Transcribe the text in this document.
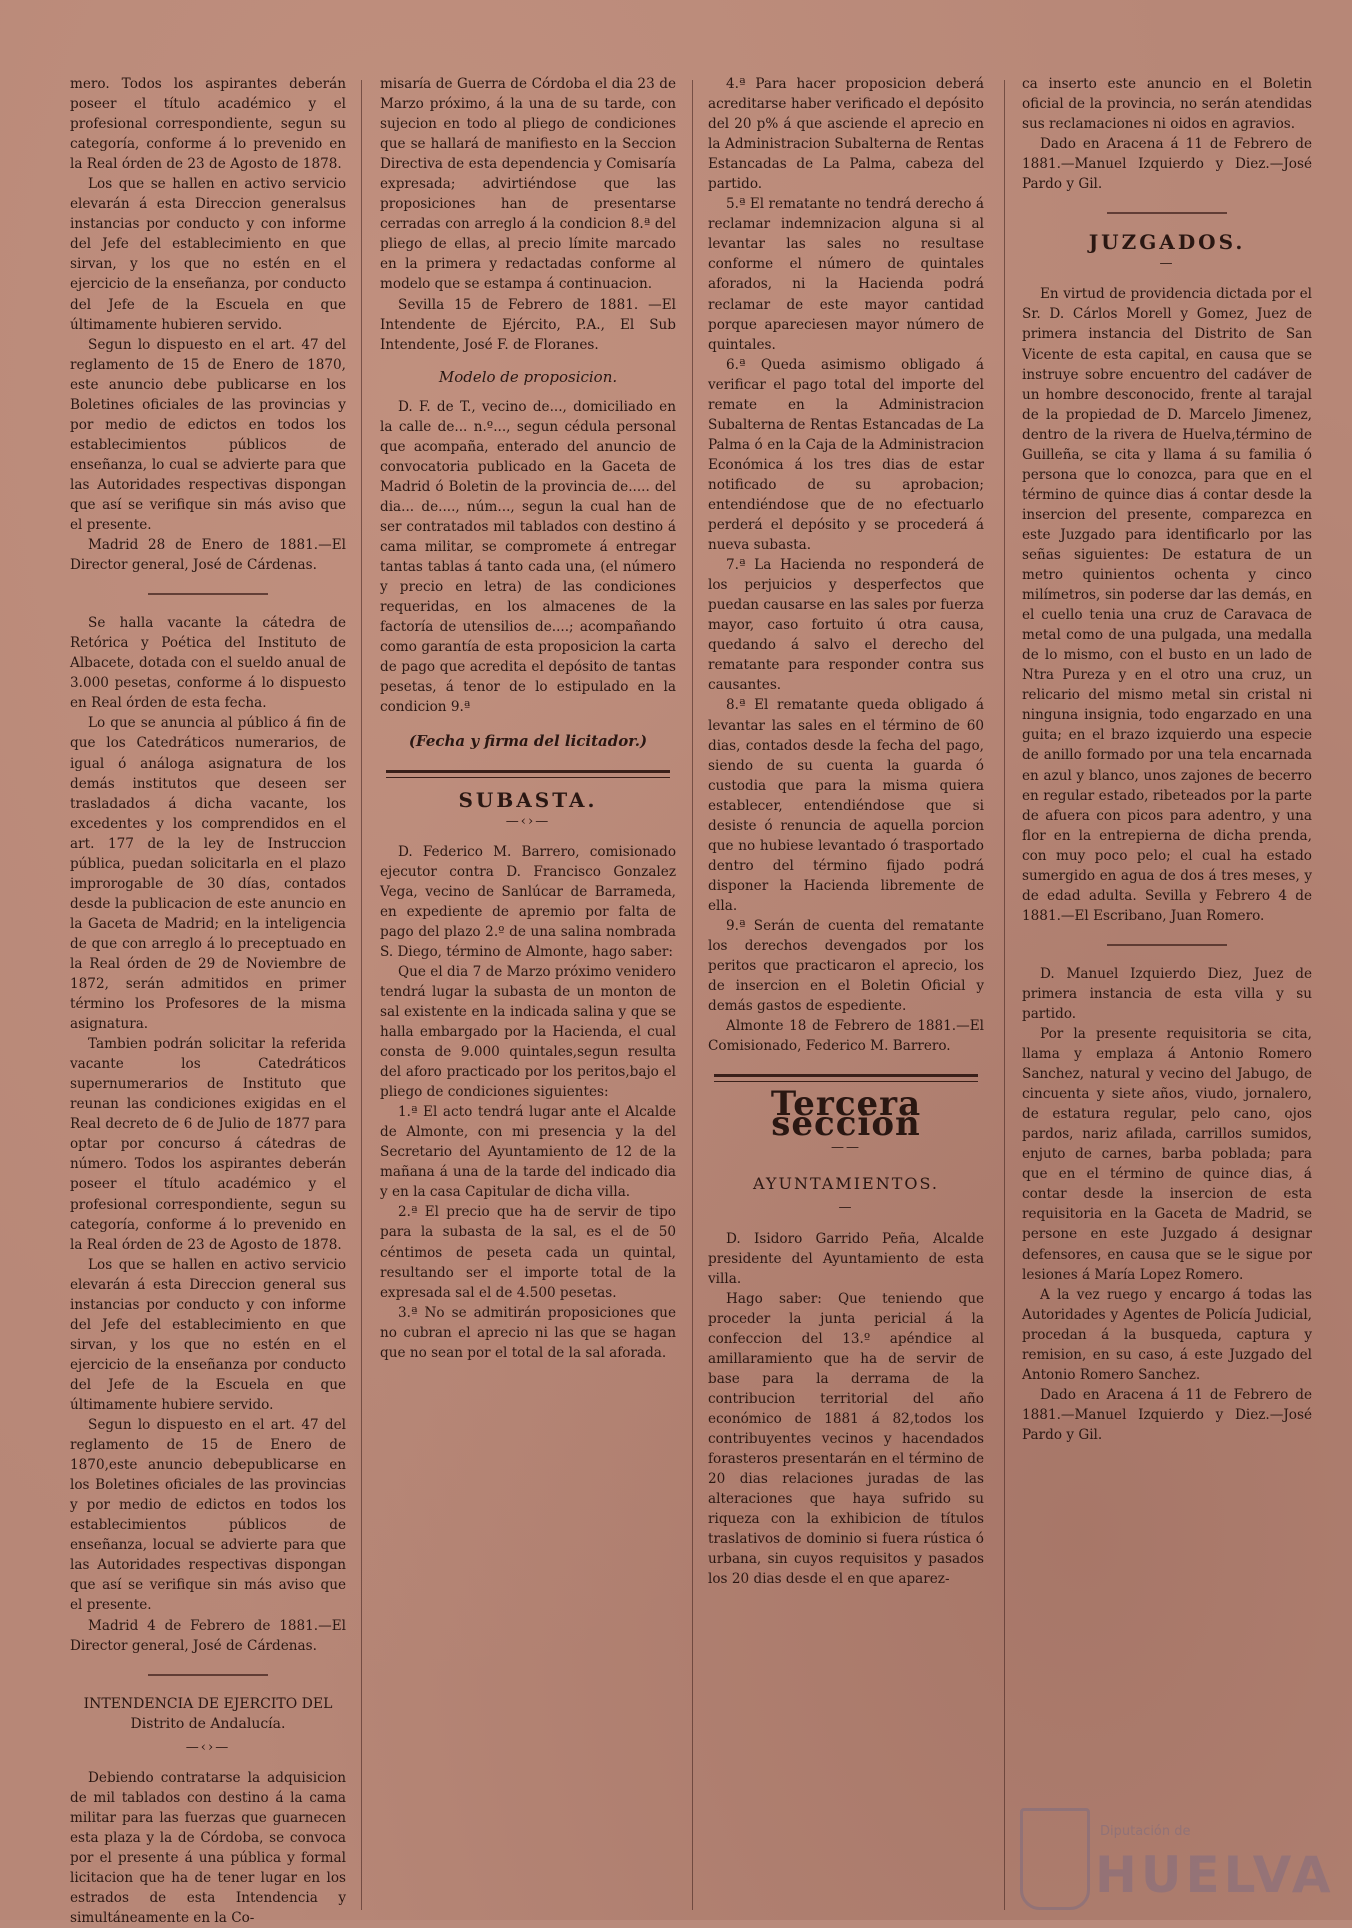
mero. Todos los aspirantes deberán poseer el título académico y el profesional correspondiente, segun su categoría, conforme á lo prevenido en la Real órden de 23 de Agosto de 1878.

Los que se hallen en activo servicio elevarán á esta Direccion generalsus instancias por conducto y con informe del Jefe del establecimiento en que sirvan, y los que no estén en el ejercicio de la enseñanza, por conducto del Jefe de la Escuela en que últimamente hubieren servido.

Segun lo dispuesto en el art. 47 del reglamento de 15 de Enero de 1870, este anuncio debe publicarse en los Boletines oficiales de las provincias y por medio de edictos en todos los establecimientos públicos de enseñanza, lo cual se advierte para que las Autoridades respectivas dispongan que así se verifique sin más aviso que el presente.

Madrid 28 de Enero de 1881.—El Director general, José de Cárdenas.

Se halla vacante la cátedra de Retórica y Poética del Instituto de Albacete, dotada con el sueldo anual de 3.000 pesetas, conforme á lo dispuesto en Real órden de esta fecha.

Lo que se anuncia al público á fin de que los Catedráticos numerarios, de igual ó análoga asignatura de los demás institutos que deseen ser trasladados á dicha vacante, los excedentes y los comprendidos en el art. 177 de la ley de Instruccion pública, puedan solicitarla en el plazo improrogable de 30 días, contados desde la publicacion de este anuncio en la Gaceta de Madrid; en la inteligencia de que con arreglo á lo preceptuado en la Real órden de 29 de Noviembre de 1872, serán admitidos en primer término los Profesores de la misma asignatura.

Tambien podrán solicitar la referida vacante los Catedráticos supernumerarios de Instituto que reunan las condiciones exigidas en el Real decreto de 6 de Julio de 1877 para optar por concurso á cátedras de número. Todos los aspirantes deberán poseer el título académico y el profesional correspondiente, segun su categoría, conforme á lo prevenido en la Real órden de 23 de Agosto de 1878.

Los que se hallen en activo servicio elevarán á esta Direccion general sus instancias por conducto y con informe del Jefe del establecimiento en que sirvan, y los que no estén en el ejercicio de la enseñanza por conducto del Jefe de la Escuela en que últimamente hubiere servido.

Segun lo dispuesto en el art. 47 del reglamento de 15 de Enero de 1870,este anuncio debepublicarse en los Boletines oficiales de las provincias y por medio de edictos en todos los establecimientos públicos de enseñanza, locual se advierte para que las Autoridades respectivas dispongan que así se verifique sin más aviso que el presente.

Madrid 4 de Febrero de 1881.—El Director general, José de Cárdenas.

INTENDENCIA DE EJERCITO DEL Distrito de Andalucía.
—‹›—

Debiendo contratarse la adquisicion de mil tablados con destino á la cama militar para las fuerzas que guarnecen esta plaza y la de Córdoba, se convoca por el presente á una pública y formal licitacion que ha de tener lugar en los estrados de esta Intendencia y simultáneamente en la Co-

misaría de Guerra de Córdoba el dia 23 de Marzo próximo, á la una de su tarde, con sujecion en todo al pliego de condiciones que se hallará de manifiesto en la Seccion Directiva de esta dependencia y Comisaría expresada; advirtiéndose que las proposiciones han de presentarse cerradas con arreglo á la condicion 8.ª del pliego de ellas, al precio límite marcado en la primera y redactadas conforme al modelo que se estampa á continuacion.

Sevilla 15 de Febrero de 1881. —El Intendente de Ejército, P.A., El Sub Intendente, José F. de Floranes.

Modelo de proposicion.

D. F. de T., vecino de..., domiciliado en la calle de... n.º..., segun cédula personal que acompaña, enterado del anuncio de convocatoria publicado en la Gaceta de Madrid ó Boletin de la provincia de..... del dia... de...., núm..., segun la cual han de ser contratados mil tablados con destino á cama militar, se compromete á entregar tantas tablas á tanto cada una, (el número y precio en letra) de las condiciones requeridas, en los almacenes de la factoría de utensilios de....; acompañando como garantía de esta proposicion la carta de pago que acredita el depósito de tantas pesetas, á tenor de lo estipulado en la condicion 9.ª

(Fecha y firma del licitador.)
SUBASTA.
—‹›—

D. Federico M. Barrero, comisionado ejecutor contra D. Francisco Gonzalez Vega, vecino de Sanlúcar de Barrameda, en expediente de apremio por falta de pago del plazo 2.º de una salina nombrada S. Diego, término de Almonte, hago saber:

Que el dia 7 de Marzo próximo venidero tendrá lugar la subasta de un monton de sal existente en la indicada salina y que se halla embargado por la Hacienda, el cual consta de 9.000 quintales,segun resulta del aforo practicado por los peritos,bajo el pliego de condiciones siguientes:

1.ª El acto tendrá lugar ante el Alcalde de Almonte, con mi presencia y la del Secretario del Ayuntamiento de 12 de la mañana á una de la tarde del indicado dia y en la casa Capitular de dicha villa.

2.ª El precio que ha de servir de tipo para la subasta de la sal, es el de 50 céntimos de peseta cada un quintal, resultando ser el importe total de la expresada sal el de 4.500 pesetas.

3.ª No se admitirán proposiciones que no cubran el aprecio ni las que se hagan que no sean por el total de la sal aforada.

4.ª Para hacer proposicion deberá acreditarse haber verificado el depósito del 20 p% á que asciende el aprecio en la Administracion Subalterna de Rentas Estancadas de La Palma, cabeza del partido.

5.ª El rematante no tendrá derecho á reclamar indemnizacion alguna si al levantar las sales no resultase conforme el número de quintales aforados, ni la Hacienda podrá reclamar de este mayor cantidad porque apareciesen mayor número de quintales.

6.ª Queda asimismo obligado á verificar el pago total del importe del remate en la Administracion Subalterna de Rentas Estancadas de La Palma ó en la Caja de la Administracion Económica á los tres dias de estar notificado de su aprobacion; entendiéndose que de no efectuarlo perderá el depósito y se procederá á nueva subasta.

7.ª La Hacienda no responderá de los perjuicios y desperfectos que puedan causarse en las sales por fuerza mayor, caso fortuito ú otra causa, quedando á salvo el derecho del rematante para responder contra sus causantes.

8.ª El rematante queda obligado á levantar las sales en el término de 60 dias, contados desde la fecha del pago, siendo de su cuenta la guarda ó custodia que para la misma quiera establecer, entendiéndose que si desiste ó renuncia de aquella porcion que no hubiese levantado ó trasportado dentro del término fijado podrá disponer la Hacienda libremente de ella.

9.ª Serán de cuenta del rematante los derechos devengados por los peritos que practicaron el aprecio, los de insercion en el Boletin Oficial y demás gastos de espediente.

Almonte 18 de Febrero de 1881.—El Comisionado, Federico M. Barrero.

Tercera seccion
——
AYUNTAMIENTOS.
—

D. Isidoro Garrido Peña, Alcalde presidente del Ayuntamiento de esta villa.

Hago saber: Que teniendo que proceder la junta pericial á la confeccion del 13.º apéndice al amillaramiento que ha de servir de base para la derrama de la contribucion territorial del año económico de 1881 á 82,todos los contribuyentes vecinos y hacendados forasteros presentarán en el término de 20 dias relaciones juradas de las alteraciones que haya sufrido su riqueza con la exhibicion de títulos traslativos de dominio si fuera rústica ó urbana, sin cuyos requisitos y pasados los 20 dias desde el en que aparez-

ca inserto este anuncio en el Boletin oficial de la provincia, no serán atendidas sus reclamaciones ni oidos en agravios.

Dado en Aracena á 11 de Febrero de 1881.—Manuel Izquierdo y Diez.—José Pardo y Gil.

JUZGADOS.
—

En virtud de providencia dictada por el Sr. D. Cárlos Morell y Gomez, Juez de primera instancia del Distrito de San Vicente de esta capital, en causa que se instruye sobre encuentro del cadáver de un hombre desconocido, frente al tarajal de la propiedad de D. Marcelo Jimenez, dentro de la rivera de Huelva,término de Guilleña, se cita y llama á su familia ó persona que lo conozca, para que en el término de quince dias á contar desde la insercion del presente, comparezca en este Juzgado para identificarlo por las señas siguientes: De estatura de un metro quinientos ochenta y cinco milímetros, sin poderse dar las demás, en el cuello tenia una cruz de Caravaca de metal como de una pulgada, una medalla de lo mismo, con el busto en un lado de Ntra Pureza y en el otro una cruz, un relicario del mismo metal sin cristal ni ninguna insignia, todo engarzado en una guita; en el brazo izquierdo una especie de anillo formado por una tela encarnada en azul y blanco, unos zajones de becerro en regular estado, ribeteados por la parte de afuera con picos para adentro, y una flor en la entrepierna de dicha prenda, con muy poco pelo; el cual ha estado sumergido en agua de dos á tres meses, y de edad adulta. Sevilla y Febrero 4 de 1881.—El Escribano, Juan Romero.

D. Manuel Izquierdo Diez, Juez de primera instancia de esta villa y su partido.

Por la presente requisitoria se cita, llama y emplaza á Antonio Romero Sanchez, natural y vecino del Jabugo, de cincuenta y siete años, viudo, jornalero, de estatura regular, pelo cano, ojos pardos, nariz afilada, carrillos sumidos, enjuto de carnes, barba poblada; para que en el término de quince dias, á contar desde la insercion de esta requisitoria en la Gaceta de Madrid, se persone en este Juzgado á designar defensores, en causa que se le sigue por lesiones á María Lopez Romero.

A la vez ruego y encargo á todas las Autoridades y Agentes de Policía Judicial, procedan á la busqueda, captura y remision, en su caso, á este Juzgado del Antonio Romero Sanchez.

Dado en Aracena á 11 de Febrero de 1881.—Manuel Izquierdo y Diez.—José Pardo y Gil.

Diputación de
HUELVA
